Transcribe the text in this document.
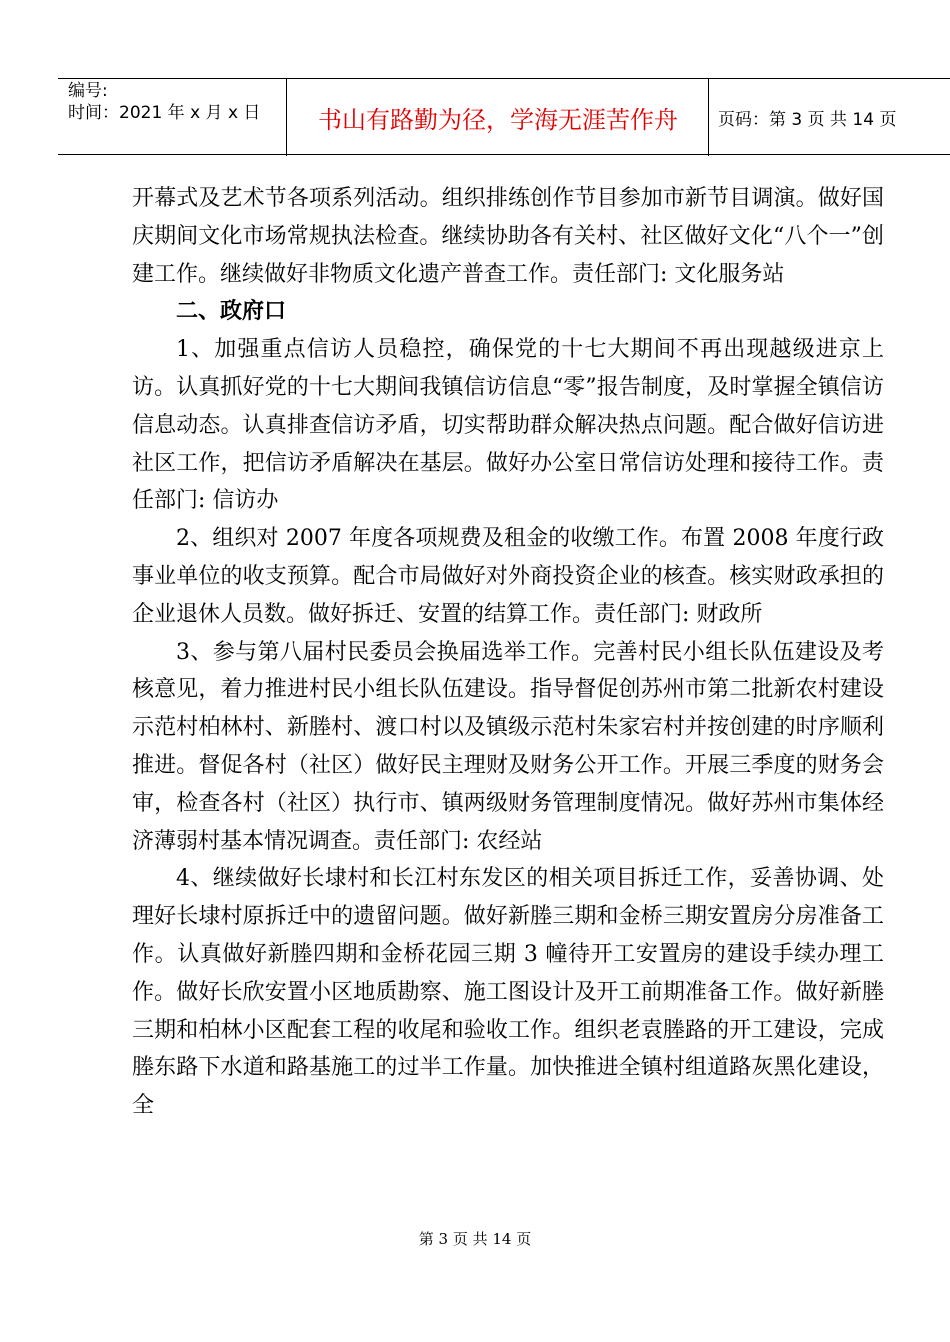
编号:
时间：2021 年 x 月 x 日	书山有路勤为径，学海无涯苦作舟	页码：第 3 页 共 14 页

开幕式及艺术节各项系列活动。组织排练创作节目参加市新节目调演。做好国庆期间文化市场常规执法检查。继续协助各有关村、社区做好文化“八个一”创建工作。继续做好非物质文化遗产普查工作。责任部门: 文化服务站

二、政府口

1、加强重点信访人员稳控，确保党的十七大期间不再出现越级进京上访。认真抓好党的十七大期间我镇信访信息“零”报告制度，及时掌握全镇信访信息动态。认真排查信访矛盾，切实帮助群众解决热点问题。配合做好信访进社区工作，把信访矛盾解决在基层。做好办公室日常信访处理和接待工作。责任部门: 信访办

2、组织对 2007 年度各项规费及租金的收缴工作。布置 2008 年度行政事业单位的收支预算。配合市局做好对外商投资企业的核查。核实财政承担的企业退休人员数。做好拆迁、安置的结算工作。责任部门: 财政所

3、参与第八届村民委员会换届选举工作。完善村民小组长队伍建设及考核意见，着力推进村民小组长队伍建设。指导督促创苏州市第二批新农村建设示范村柏林村、新塍村、渡口村以及镇级示范村朱家宕村并按创建的时序顺利推进。督促各村（社区）做好民主理财及财务公开工作。开展三季度的财务会审，检查各村（社区）执行市、镇两级财务管理制度情况。做好苏州市集体经济薄弱村基本情况调查。责任部门: 农经站

4、继续做好长埭村和长江村东发区的相关项目拆迁工作，妥善协调、处理好长埭村原拆迁中的遗留问题。做好新塍三期和金桥三期安置房分房准备工作。认真做好新塍四期和金桥花园三期 3 幢待开工安置房的建设手续办理工作。做好长欣安置小区地质勘察、施工图设计及开工前期准备工作。做好新塍三期和柏林小区配套工程的收尾和验收工作。组织老袁塍路的开工建设，完成塍东路下水道和路基施工的过半工作量。加快推进全镇村组道路灰黑化建设，全

第 3 页 共 14 页
